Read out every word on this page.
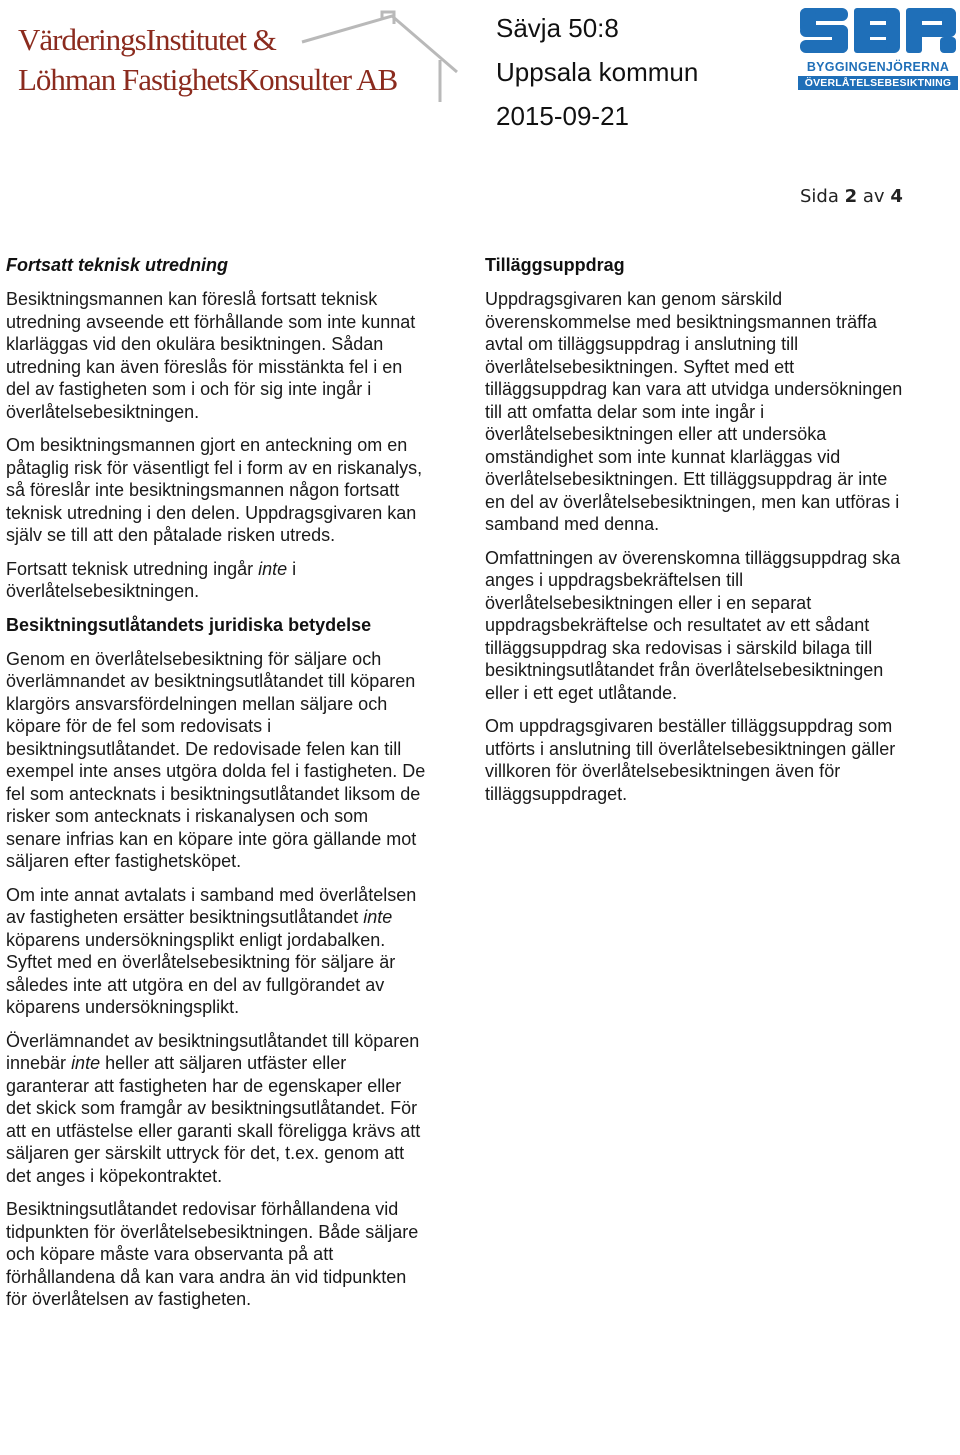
VärderingsInstitutet &
Löhman FastighetsKonsulter AB
Sävja 50:8
Uppsala kommun
2015-09-21
BYGGINGENJÖRERNA
ÖVERLÅTELSEBESIKTNING
Sida 2 av 4
Fortsatt teknisk utredning

Besiktningsmannen kan föreslå fortsatt teknisk utredning avseende ett förhållande som inte kunnat klarläggas vid den okulära besiktningen. Sådan utredning kan även föreslås för misstänkta fel i en del av fastigheten som i och för sig inte ingår i överlåtelsebesiktningen.

Om besiktningsmannen gjort en anteckning om en påtaglig risk för väsentligt fel i form av en riskanalys, så föreslår inte besiktningsmannen någon fortsatt teknisk utredning i den delen. Uppdragsgivaren kan själv se till att den påtalade risken utreds.

Fortsatt teknisk utredning ingår inte i överlåtelsebesiktningen.

Besiktningsutlåtandets juridiska betydelse

Genom en överlåtelsebesiktning för säljare och överlämnandet av besiktningsutlåtandet till köparen klargörs ansvarsfördelningen mellan säljare och köpare för de fel som redovisats i besiktningsutlåtandet. De redovisade felen kan till exempel inte anses utgöra dolda fel i fastigheten. De fel som antecknats i besiktningsutlåtandet liksom de risker som antecknats i riskanalysen och som senare infrias kan en köpare inte göra gällande mot säljaren efter fastighetsköpet.

Om inte annat avtalats i samband med överlåtelsen av fastigheten ersätter besiktningsutlåtandet inte köparens undersökningsplikt enligt jordabalken. Syftet med en överlåtelsebesiktning för säljare är således inte att utgöra en del av fullgörandet av köparens undersökningsplikt.

Överlämnandet av besiktningsutlåtandet till köparen innebär inte heller att säljaren utfäster eller garanterar att fastigheten har de egenskaper eller det skick som framgår av besiktningsutlåtandet. För att en utfästelse eller garanti skall föreligga krävs att säljaren ger särskilt uttryck för det, t.ex. genom att det anges i köpekontraktet.

Besiktningsutlåtandet redovisar förhållandena vid tidpunkten för överlåtelsebesiktningen. Både säljare och köpare måste vara observanta på att förhållandena då kan vara andra än vid tidpunkten för överlåtelsen av fastigheten.

Tilläggsuppdrag

Uppdragsgivaren kan genom särskild överenskommelse med besiktningsmannen träffa avtal om tilläggsuppdrag i anslutning till överlåtelsebesiktningen. Syftet med ett tilläggsuppdrag kan vara att utvidga undersökningen till att omfatta delar som inte ingår i överlåtelsebesiktningen eller att undersöka omständighet som inte kunnat klarläggas vid överlåtelsebesiktningen. Ett tilläggsuppdrag är inte en del av överlåtelsebesiktningen, men kan utföras i samband med denna.

Omfattningen av överenskomna tilläggsuppdrag ska anges i uppdragsbekräftelsen till överlåtelsebesiktningen eller i en separat uppdragsbekräftelse och resultatet av ett sådant tilläggsuppdrag ska redovisas i särskild bilaga till besiktningsutlåtandet från överlåtelsebesiktningen eller i ett eget utlåtande.

Om uppdragsgivaren beställer tilläggsuppdrag som utförts i anslutning till överlåtelsebesiktningen gäller villkoren för överlåtelsebesiktningen även för tilläggsuppdraget.
